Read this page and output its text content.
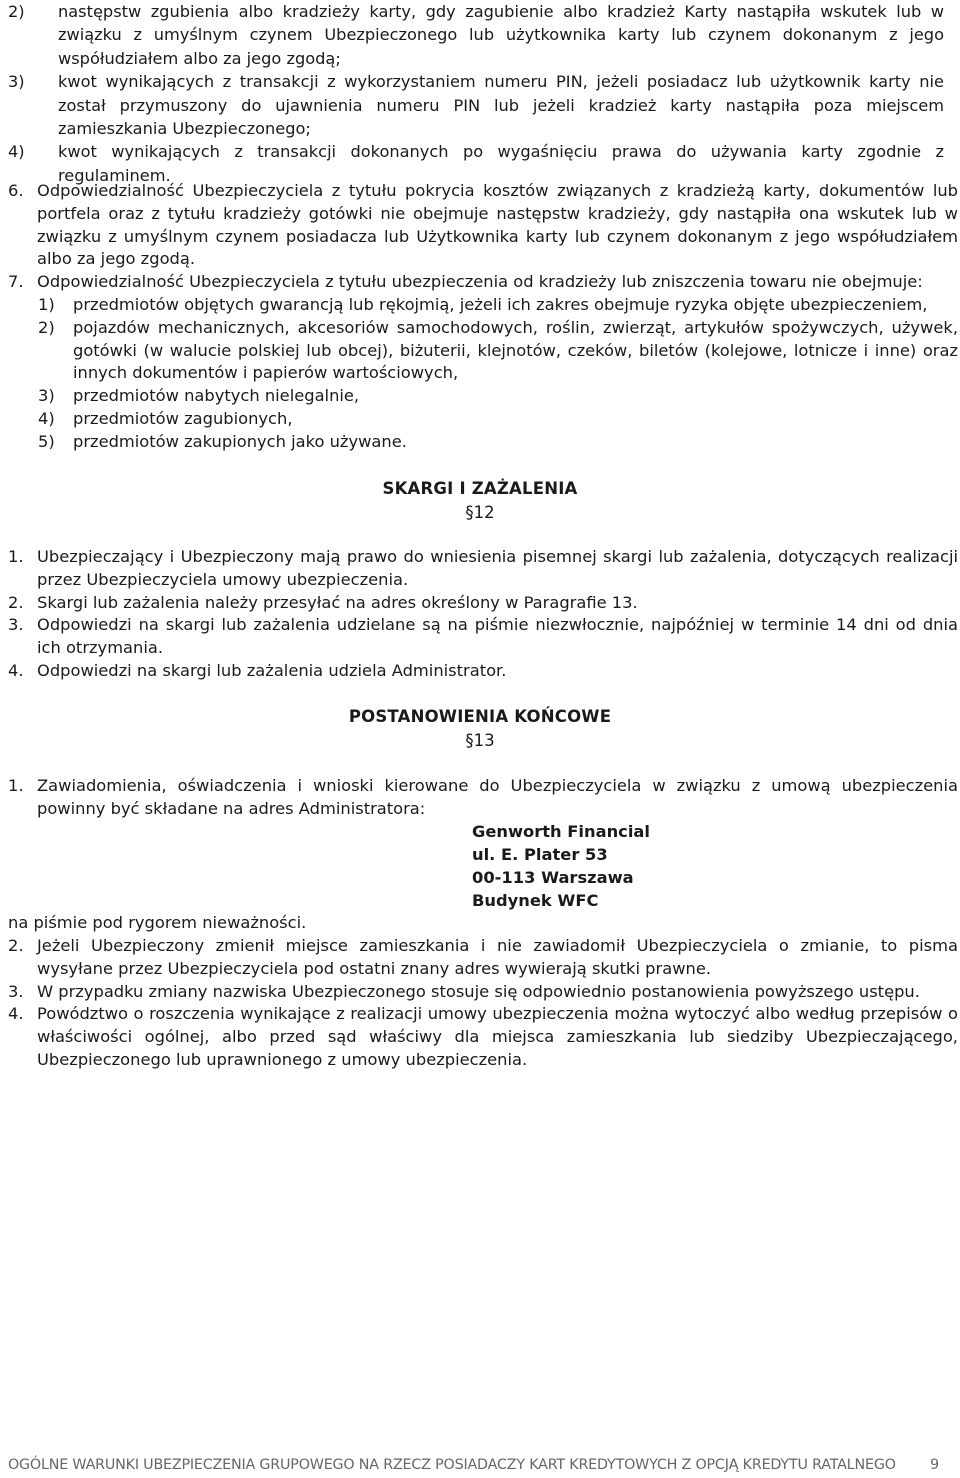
2)	następstw zgubienia albo kradzieży karty, gdy zagubienie albo kradzież Karty nastąpiła wskutek lub w związku z umyślnym czynem Ubezpieczonego lub użytkownika karty lub czynem dokonanym z jego współudziałem albo za jego zgodą;
3)	kwot wynikających z transakcji z wykorzystaniem numeru PIN, jeżeli posiadacz lub użytkownik karty nie został przymuszony do ujawnienia numeru PIN lub jeżeli kradzież karty nastąpiła poza miejscem zamieszkania Ubezpieczonego;
4)	kwot wynikających z transakcji dokonanych po wygaśnięciu prawa do używania karty zgodnie z regulaminem.
6. Odpowiedzialność Ubezpieczyciela z tytułu pokrycia kosztów związanych z kradzieżą karty, dokumentów lub portfela oraz z tytułu kradzieży gotówki nie obejmuje następstw kradzieży, gdy nastąpiła ona wskutek lub w związku z umyślnym czynem posiadacza lub Użytkownika karty lub czynem dokonanym z jego współudziałem albo za jego zgodą.
7. Odpowiedzialność Ubezpieczyciela z tytułu ubezpieczenia od kradzieży lub zniszczenia towaru nie obejmuje:
1)	przedmiotów objętych gwarancją lub rękojmią, jeżeli ich zakres obejmuje ryzyka objęte ubezpieczeniem,
2)	pojazdów mechanicznych, akcesoriów samochodowych, roślin, zwierząt, artykułów spożywczych, używek, gotówki (w walucie polskiej lub obcej), biżuterii, klejnotów, czeków, biletów (kolejowe, lotnicze i inne) oraz innych dokumentów i papierów wartościowych,
3)	przedmiotów nabytych nielegalnie,
4)	przedmiotów zagubionych,
5)	przedmiotów zakupionych jako używane.
SKARGI I ZAŻALENIA
§12
1. Ubezpieczający i Ubezpieczony mają prawo do wniesienia pisemnej skargi lub zażalenia, dotyczących realizacji przez Ubezpieczyciela umowy ubezpieczenia.
2. Skargi lub zażalenia należy przesyłać na adres określony w Paragrafie 13.
3. Odpowiedzi na skargi lub zażalenia udzielane są na piśmie niezwłocznie, najpóźniej w terminie 14 dni od dnia ich otrzymania.
4. Odpowiedzi na skargi lub zażalenia udziela Administrator.
POSTANOWIENIA KOŃCOWE
§13
1. Zawiadomienia, oświadczenia i wnioski kierowane do Ubezpieczyciela w związku z umową ubezpieczenia powinny być składane na adres Administratora:
Genworth Financial
ul. E. Plater 53
00-113 Warszawa
Budynek WFC
na piśmie pod rygorem nieważności.
2. Jeżeli Ubezpieczony zmienił miejsce zamieszkania i nie zawiadomił Ubezpieczyciela o zmianie, to pisma wysyłane przez Ubezpieczyciela pod ostatni znany adres wywierają skutki prawne.
3. W przypadku zmiany nazwiska Ubezpieczonego stosuje się odpowiednio postanowienia powyższego ustępu.
4. Powództwo o roszczenia wynikające z realizacji umowy ubezpieczenia można wytoczyć albo według przepisów o właściwości ogólnej, albo przed sąd właściwy dla miejsca zamieszkania lub siedziby Ubezpieczającego, Ubezpieczonego lub uprawnionego z umowy ubezpieczenia.
OGÓLNE WARUNKI UBEZPIECZENIA GRUPOWEGO NA RZECZ POSIADACZY KART KREDYTOWYCH Z OPCJĄ KREDYTU RATALNEGO 9
